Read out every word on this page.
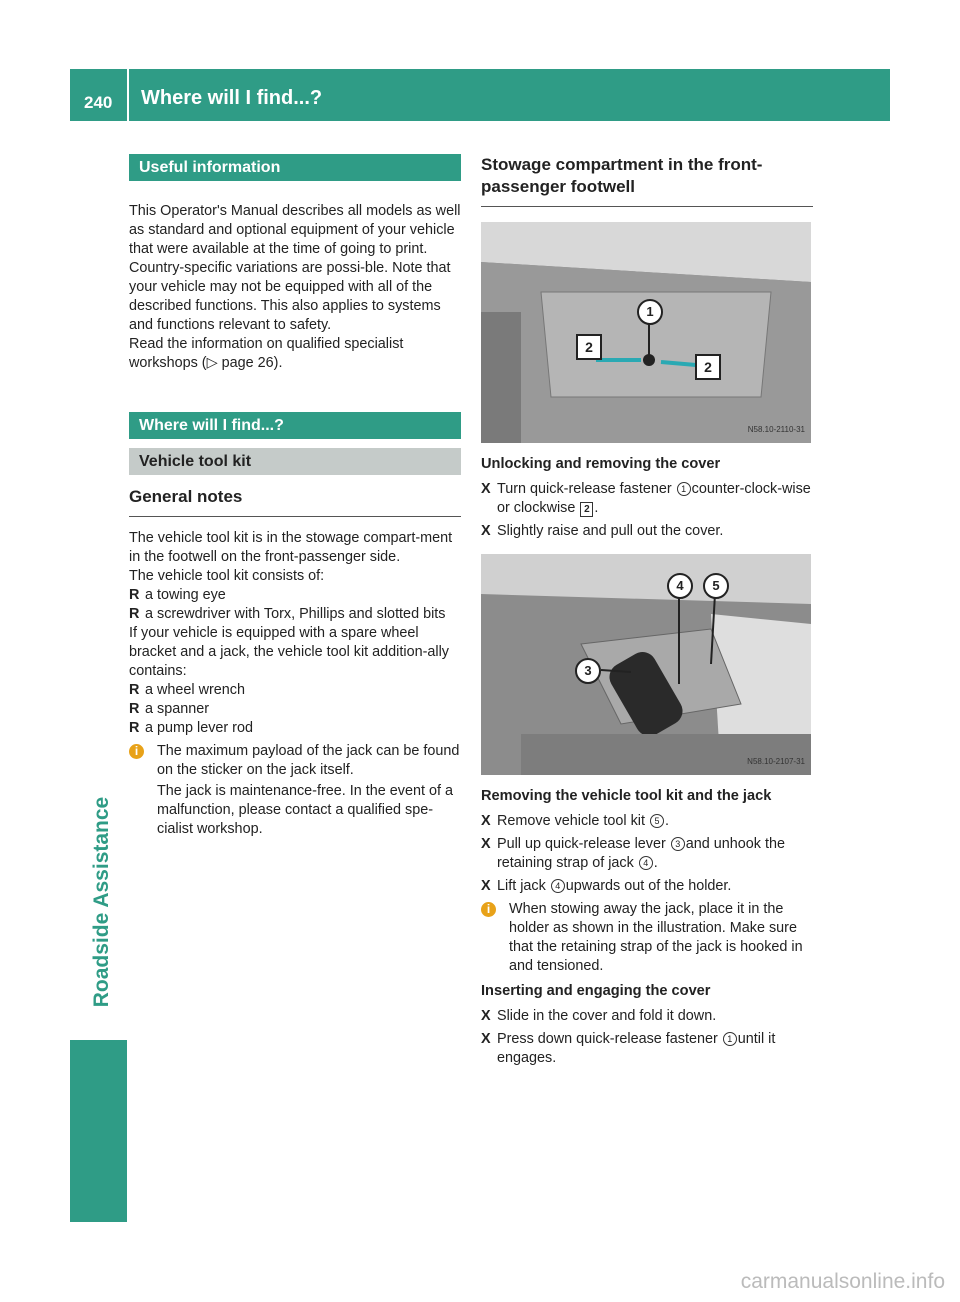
240 Where will I find...?
Roadside Assistance
Useful information

This Operator's Manual describes all models as well as standard and optional equipment of your vehicle that were available at the time of going to print. Country-specific variations are possi-ble. Note that your vehicle may not be equipped with all of the described functions. This also applies to systems and functions relevant to safety.

Read the information on qualified specialist workshops (▷ page 26).

Where will I find...?
Vehicle tool kit

General notes

The vehicle tool kit is in the stowage compart-ment in the footwell on the front-passenger side.

The vehicle tool kit consists of:

R a towing eye
R a screwdriver with Torx, Phillips and slotted bits

If your vehicle is equipped with a spare wheel bracket and a jack, the vehicle tool kit addition-ally contains:

R a wheel wrench
R a spanner
R a pump lever rod
i	The maximum payload of the jack can be found on the sticker on the jack itself.

The jack is maintenance-free. In the event of a malfunction, please contact a qualified spe-cialist workshop.

Stowage compartment in the front-passenger footwell

1
2
2
N58.10-2110-31

Unlocking and removing the cover

X Turn quick-release fastener 1 counter-clock-wise or clockwise 2 .
X Slightly raise and pull out the cover.
4	5
3
N58.10-2107-31

Removing the vehicle tool kit and the jack

X Remove vehicle tool kit 5 .
X Pull up quick-release lever 3 and unhook the retaining strap of jack 4 .
X Lift jack 4 upwards out of the holder.
i	When stowing away the jack, place it in the holder as shown in the illustration. Make sure that the retaining strap of the jack is hooked in and tensioned.

Inserting and engaging the cover

X Slide in the cover and fold it down.
X Press down quick-release fastener 1 until it engages.
carmanualsonline.info
